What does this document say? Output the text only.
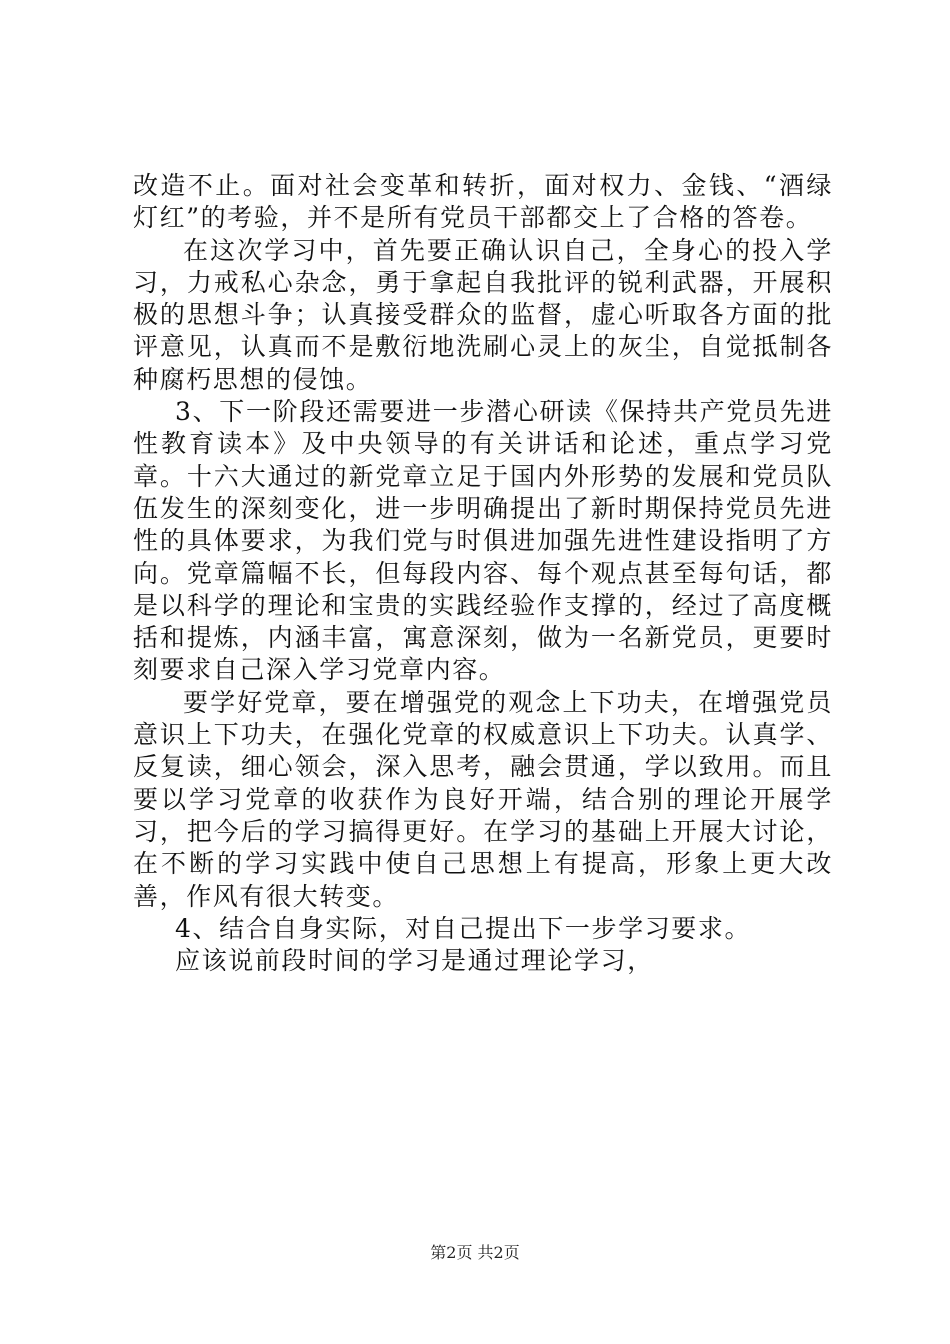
改造不止。面对社会变革和转折，面对权力、金钱、“酒绿灯红”的考验，并不是所有党员干部都交上了合格的答卷。

在这次学习中，首先要正确认识自己，全身心的投入学习，力戒私心杂念，勇于拿起自我批评的锐利武器，开展积极的思想斗争；认真接受群众的监督，虚心听取各方面的批评意见，认真而不是敷衍地洗刷心灵上的灰尘，自觉抵制各种腐朽思想的侵蚀。

3、下一阶段还需要进一步潜心研读《保持共产党员先进性教育读本》及中央领导的有关讲话和论述，重点学习党章。十六大通过的新党章立足于国内外形势的发展和党员队伍发生的深刻变化，进一步明确提出了新时期保持党员先进性的具体要求，为我们党与时俱进加强先进性建设指明了方向。党章篇幅不长，但每段内容、每个观点甚至每句话，都是以科学的理论和宝贵的实践经验作支撑的，经过了高度概括和提炼，内涵丰富，寓意深刻，做为一名新党员，更要时刻要求自己深入学习党章内容。

要学好党章，要在增强党的观念上下功夫，在增强党员意识上下功夫，在强化党章的权威意识上下功夫。认真学、反复读，细心领会，深入思考，融会贯通，学以致用。而且要以学习党章的收获作为良好开端，结合别的理论开展学习，把今后的学习搞得更好。在学习的基础上开展大讨论，在不断的学习实践中使自己思想上有提高，形象上更大改善，作风有很大转变。

4、结合自身实际，对自己提出下一步学习要求。

应该说前段时间的学习是通过理论学习，

第2页 共2页
